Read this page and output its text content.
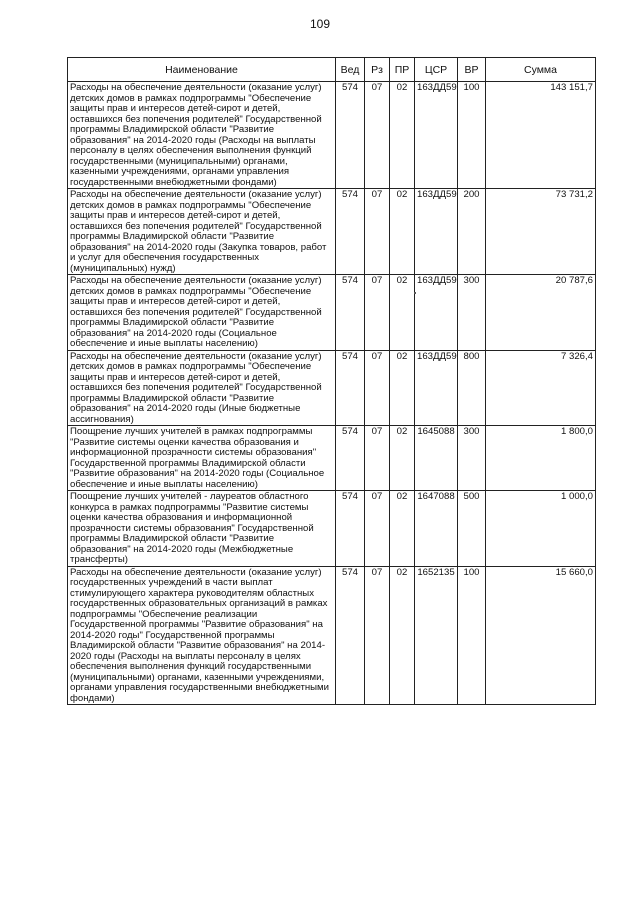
109
Наименование	Вед	Рз	ПР	ЦСР	ВР	Сумма
Расходы на обеспечение деятельности (оказание услуг) детских домов в рамках подпрограммы "Обеспечение защиты прав и интересов детей-сирот и детей, оставшихся без попечения родителей" Государственной программы Владимирской области "Развитие образования" на 2014-2020 годы (Расходы на выплаты персоналу в целях обеспечения выполнения функций государственными (муниципальными) органами, казенными учреждениями, органами управления государственными внебюджетными фондами)	574	07	02	163ДД59	100	143 151,7
Расходы на обеспечение деятельности (оказание услуг) детских домов в рамках подпрограммы "Обеспечение защиты прав и интересов детей-сирот и детей, оставшихся без попечения родителей" Государственной программы Владимирской области "Развитие образования" на 2014-2020 годы (Закупка товаров, работ и услуг для обеспечения государственных (муниципальных) нужд)	574	07	02	163ДД59	200	73 731,2
Расходы на обеспечение деятельности (оказание услуг) детских домов в рамках подпрограммы "Обеспечение защиты прав и интересов детей-сирот и детей, оставшихся без попечения родителей" Государственной программы Владимирской области "Развитие образования" на 2014-2020 годы (Социальное обеспечение и иные выплаты населению)	574	07	02	163ДД59	300	20 787,6
Расходы на обеспечение деятельности (оказание услуг) детских домов в рамках подпрограммы "Обеспечение защиты прав и интересов детей-сирот и детей, оставшихся без попечения родителей" Государственной программы Владимирской области "Развитие образования" на 2014-2020 годы (Иные бюджетные ассигнования)	574	07	02	163ДД59	800	7 326,4
Поощрение лучших учителей в рамках подпрограммы "Развитие системы оценки качества образования и информационной прозрачности системы образования" Государственной программы Владимирской области "Развитие образования" на 2014-2020 годы (Социальное обеспечение и иные выплаты населению)	574	07	02	1645088	300	1 800,0
Поощрение лучших учителей - лауреатов областного конкурса в рамках подпрограммы "Развитие системы оценки качества образования и информационной прозрачности системы образования" Государственной программы Владимирской области "Развитие образования" на 2014-2020 годы (Межбюджетные трансферты)	574	07	02	1647088	500	1 000,0
Расходы на обеспечение деятельности (оказание услуг) государственных учреждений в части выплат стимулирующего характера руководителям областных государственных образовательных организаций в рамках подпрограммы "Обеспечение реализации Государственной программы "Развитие образования" на 2014-2020 годы" Государственной программы Владимирской области "Развитие образования" на 2014-2020 годы (Расходы на выплаты персоналу в целях обеспечения выполнения функций государственными (муниципальными) органами, казенными учреждениями, органами управления государственными внебюджетными фондами)	574	07	02	1652135	100	15 660,0
